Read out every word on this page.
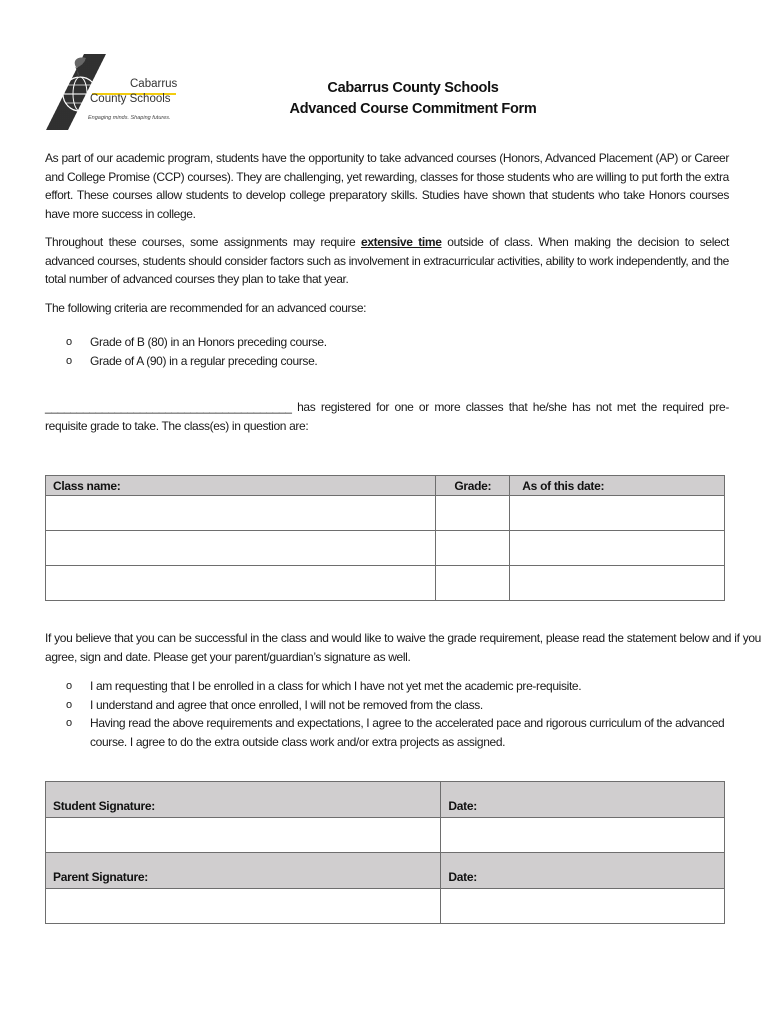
Cabarrus
County Schools
Engaging minds. Shaping futures.
Cabarrus County Schools
Advanced Course Commitment Form

As part of our academic program, students have the opportunity to take advanced courses (Honors, Advanced Placement (AP) or Career and College Promise (CCP) courses). They are challenging, yet rewarding, classes for those students who are willing to put forth the extra effort. These courses allow students to develop college preparatory skills. Studies have shown that students who take Honors courses have more success in college.

Throughout these courses, some assignments may require extensive time outside of class. When making the decision to select advanced courses, students should consider factors such as involvement in extracurricular activities, ability to work independently, and the total number of advanced courses they plan to take that year.

The following criteria are recommended for an advanced course:

o Grade of B (80) in an Honors preceding course.
o Grade of A (90) in a regular preceding course.

_______________________________________ has registered for one or more classes that he/she has not met the required pre-requisite grade to take. The class(es) in question are:

Class name:	Grade:	As of this date:

If you believe that you can be successful in the class and would like to waive the grade requirement, please read the statement below and if you agree, sign and date. Please get your parent/guardian’s signature as well.

o I am requesting that I be enrolled in a class for which I have not yet met the academic pre-requisite.
o I understand and agree that once enrolled, I will not be removed from the class.
o Having read the above requirements and expectations, I agree to the accelerated pace and rigorous curriculum of the advanced course. I agree to do the extra outside class work and/or extra projects as assigned.
Student Signature:	Date:

Parent Signature:	Date:
